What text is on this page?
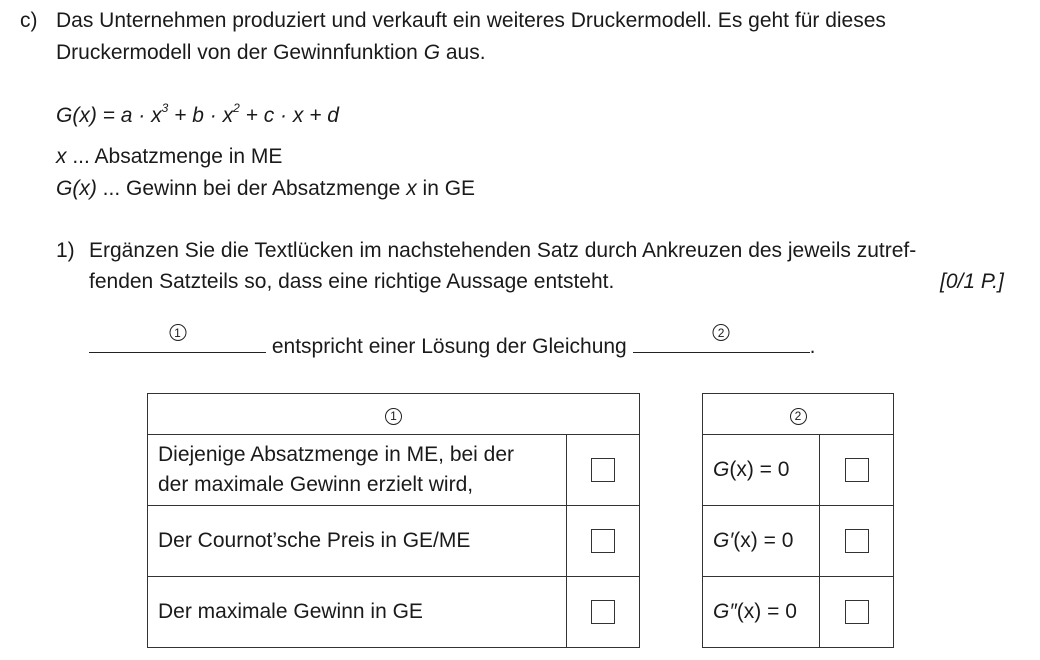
c) Das Unternehmen produziert und verkauft ein weiteres Druckermodell. Es geht für dieses
Druckermodell von der Gewinnfunktion G aus.
$G(x) = a \cdot x^3 + b \cdot x^2 + c \cdot x + d$
x ... Absatzmenge in ME
G(x) ... Gewinn bei der Absatzmenge x in GE
1) Ergänzen Sie die Textlücken im nachstehenden Satz durch Ankreuzen des jeweils zutref-
fenden Satzteils so, dass eine richtige Aussage entsteht.	[0/1 P.]
1
entspricht einer Lösung der Gleichung
2
.
1	

Diejenige Absatzmenge in ME, bei der
der maximale Gewinn erzielt wird,	

Der Cournot’sche Preis in GE/ME	
Der maximale Gewinn in GE	
2	
G(x) = 0	
G′(x) = 0	
G″(x) = 0	
